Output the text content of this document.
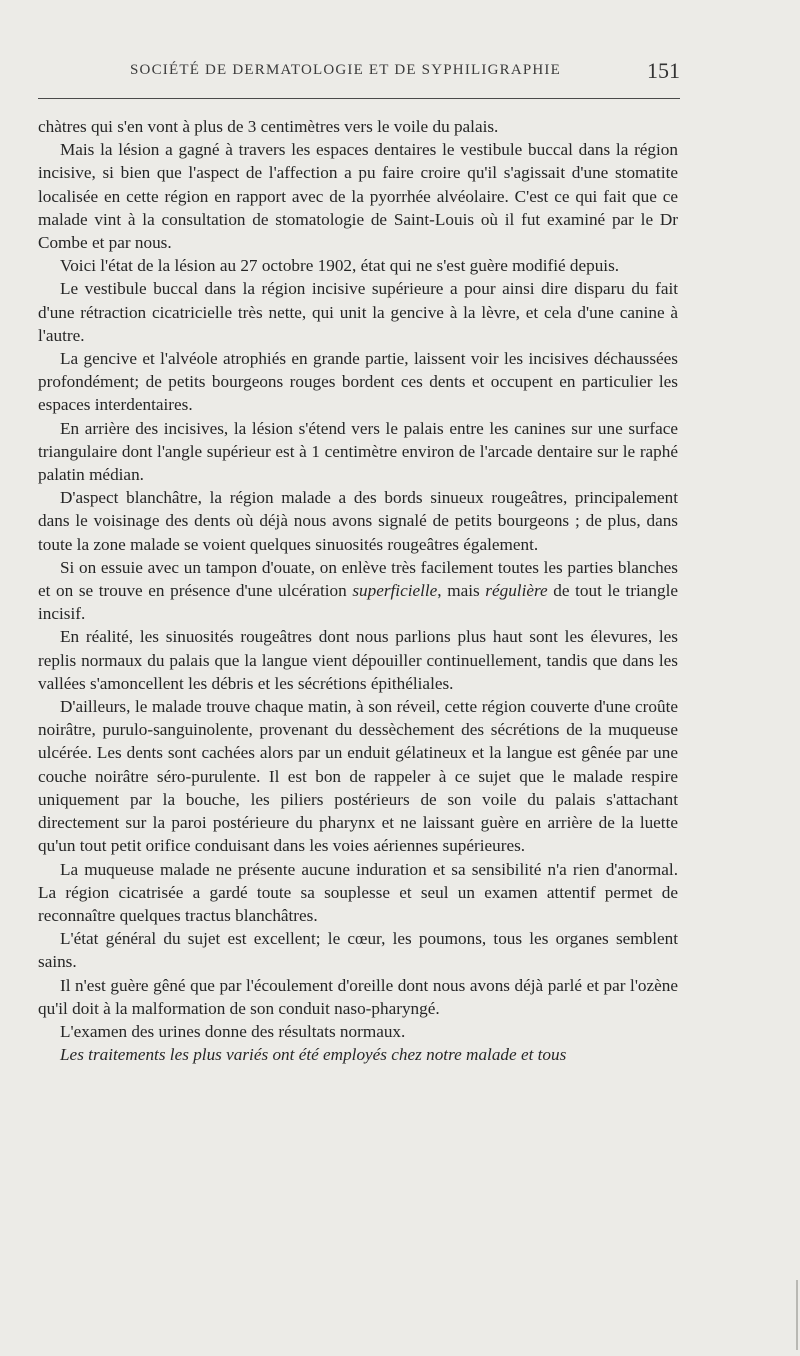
SOCIÉTÉ DE DERMATOLOGIE ET DE SYPHILIGRAPHIE	151

chàtres qui s'en vont à plus de 3 centimètres vers le voile du palais.

Mais la lésion a gagné à travers les espaces dentaires le vestibule buccal dans la région incisive, si bien que l'aspect de l'affection a pu faire croire qu'il s'agissait d'une stomatite localisée en cette région en rapport avec de la pyorrhée alvéolaire. C'est ce qui fait que ce malade vint à la consultation de stomatologie de Saint-Louis où il fut examiné par le Dr Combe et par nous.

Voici l'état de la lésion au 27 octobre 1902, état qui ne s'est guère modifié depuis.

Le vestibule buccal dans la région incisive supérieure a pour ainsi dire disparu du fait d'une rétraction cicatricielle très nette, qui unit la gencive à la lèvre, et cela d'une canine à l'autre.

La gencive et l'alvéole atrophiés en grande partie, laissent voir les incisives déchaussées profondément; de petits bourgeons rouges bordent ces dents et occupent en particulier les espaces interdentaires.

En arrière des incisives, la lésion s'étend vers le palais entre les canines sur une surface triangulaire dont l'angle supérieur est à 1 centimètre environ de l'arcade dentaire sur le raphé palatin médian.

D'aspect blanchâtre, la région malade a des bords sinueux rougeâtres, principalement dans le voisinage des dents où déjà nous avons signalé de petits bourgeons ; de plus, dans toute la zone malade se voient quelques sinuosités rougeâtres également.

Si on essuie avec un tampon d'ouate, on enlève très facilement toutes les parties blanches et on se trouve en présence d'une ulcération superficielle, mais régulière de tout le triangle incisif.

En réalité, les sinuosités rougeâtres dont nous parlions plus haut sont les élevures, les replis normaux du palais que la langue vient dépouiller continuellement, tandis que dans les vallées s'amoncellent les débris et les sécrétions épithéliales.

D'ailleurs, le malade trouve chaque matin, à son réveil, cette région couverte d'une croûte noirâtre, purulo-sanguinolente, provenant du dessèchement des sécrétions de la muqueuse ulcérée. Les dents sont cachées alors par un enduit gélatineux et la langue est gênée par une couche noirâtre séro-purulente. Il est bon de rappeler à ce sujet que le malade respire uniquement par la bouche, les piliers postérieurs de son voile du palais s'attachant directement sur la paroi postérieure du pharynx et ne laissant guère en arrière de la luette qu'un tout petit orifice conduisant dans les voies aériennes supérieures.

La muqueuse malade ne présente aucune induration et sa sensibilité n'a rien d'anormal. La région cicatrisée a gardé toute sa souplesse et seul un examen attentif permet de reconnaître quelques tractus blanchâtres.

L'état général du sujet est excellent; le cœur, les poumons, tous les organes semblent sains.

Il n'est guère gêné que par l'écoulement d'oreille dont nous avons déjà parlé et par l'ozène qu'il doit à la malformation de son conduit naso-pharyngé.

L'examen des urines donne des résultats normaux.

Les traitements les plus variés ont été employés chez notre malade et tous
